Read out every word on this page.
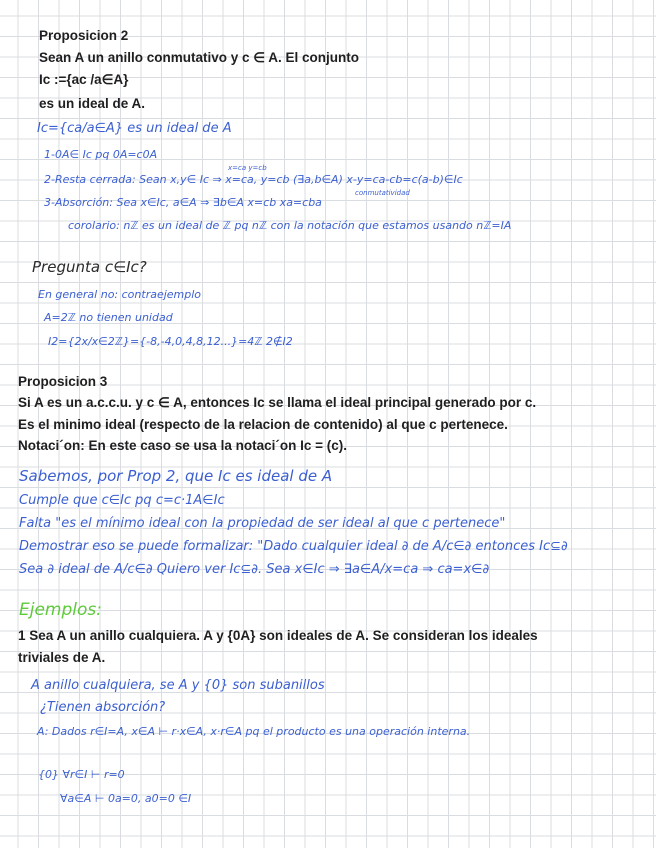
Proposicion 2
Sean A un anillo conmutativo y c ∈ A. El conjunto
Ic :={ac /a∈A}
es un ideal de A.
Ic={ca/a∈A} es un ideal de A
1-0A∈ Ic pq 0A=c0A
x=ca y=cb
2-Resta cerrada: Sean x,y∈ Ic ⇒ x=ca, y=cb (∃a,b∈A) x-y=ca-cb=c(a-b)∈Ic
conmutatividad
3-Absorción: Sea x∈Ic, a∈A ⇒ ∃b∈A x=cb xa=cba
corolario: nℤ es un ideal de ℤ pq nℤ con la notación que estamos usando nℤ=IA
Pregunta c∈Ic?
En general no: contraejemplo
A=2ℤ no tienen unidad
I2={2x/x∈2ℤ}={-8,-4,0,4,8,12...}=4ℤ 2∉I2
Proposicion 3
Si A es un a.c.c.u. y c ∈ A, entonces Ic se llama el ideal principal generado por c.
Es el minimo ideal (respecto de la relacion de contenido) al que c pertenece.
Notaci´on: En este caso se usa la notaci´on Ic = (c).
Sabemos, por Prop 2, que Ic es ideal de A
Cumple que c∈Ic pq c=c·1A∈Ic
Falta "es el mínimo ideal con la propiedad de ser ideal al que c pertenece"
Demostrar eso se puede formalizar: "Dado cualquier ideal ∂ de A/c∈∂ entonces Ic⊆∂
Sea ∂ ideal de A/c∈∂ Quiero ver Ic⊆∂. Sea x∈Ic ⇒ ∃a∈A/x=ca ⇒ ca=x∈∂
Ejemplos:
1 Sea A un anillo cualquiera. A y {0A} son ideales de A. Se consideran los ideales
triviales de A.
A anillo cualquiera, se A y {0} son subanillos
¿Tienen absorción?
A: Dados r∈I=A, x∈A ⊢ r·x∈A, x·r∈A pq el producto es una operación interna.
{0} ∀r∈I ⊢ r=0
∀a∈A ⊢ 0a=0, a0=0 ∈I
